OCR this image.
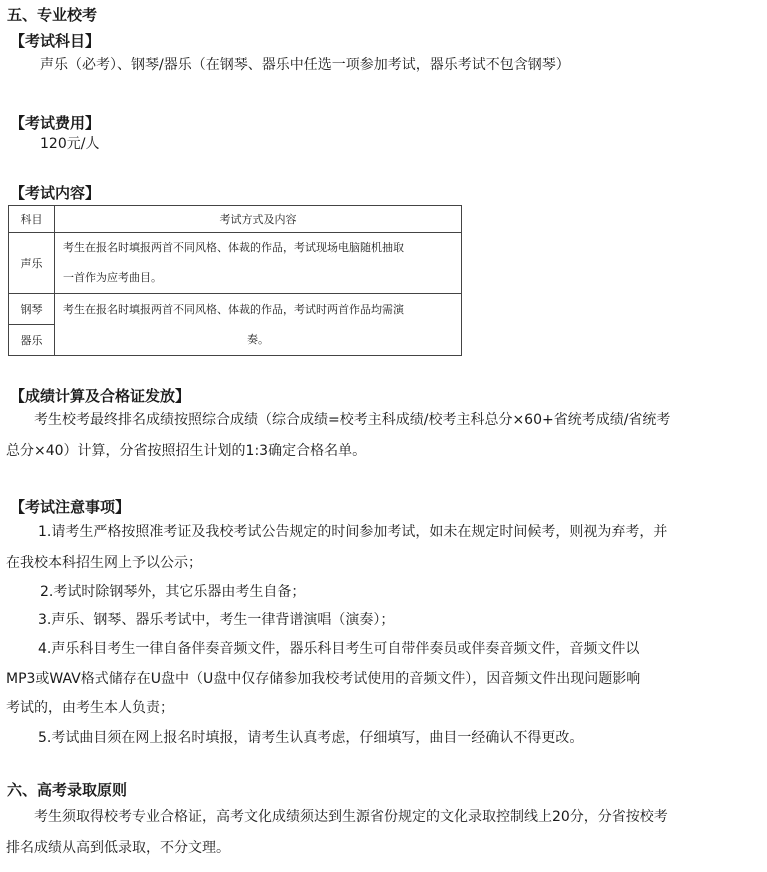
五、专业校考
【考试科目】
声乐（必考）、钢琴/器乐（在钢琴、器乐中任选一项参加考试，器乐考试不包含钢琴）
【考试费用】
120元/人
【考试内容】
科目	考试方式及内容
声乐	考生在报名时填报两首不同风格、体裁的作品，考试现场电脑随机抽取
一首作为应考曲目。

钢琴	考生在报名时填报两首不同风格、体裁的作品，考试时两首作品均需演
奏。

器乐	
【成绩计算及合格证发放】
考生校考最终排名成绩按照综合成绩（综合成绩=校考主科成绩/校考主科总分×60+省统考成绩/省统考
总分×40）计算，分省按照招生计划的1:3确定合格名单。
【考试注意事项】
1.请考生严格按照准考证及我校考试公告规定的时间参加考试，如未在规定时间候考，则视为弃考，并
在我校本科招生网上予以公示；
2.考试时除钢琴外，其它乐器由考生自备；
3.声乐、钢琴、器乐考试中，考生一律背谱演唱（演奏）；
4.声乐科目考生一律自备伴奏音频文件，器乐科目考生可自带伴奏员或伴奏音频文件，音频文件以
MP3或WAV格式储存在U盘中（U盘中仅存储参加我校考试使用的音频文件），因音频文件出现问题影响
考试的，由考生本人负责；
5.考试曲目须在网上报名时填报，请考生认真考虑，仔细填写，曲目一经确认不得更改。
六、高考录取原则
考生须取得校考专业合格证，高考文化成绩须达到生源省份规定的文化录取控制线上20分，分省按校考
排名成绩从高到低录取，不分文理。
